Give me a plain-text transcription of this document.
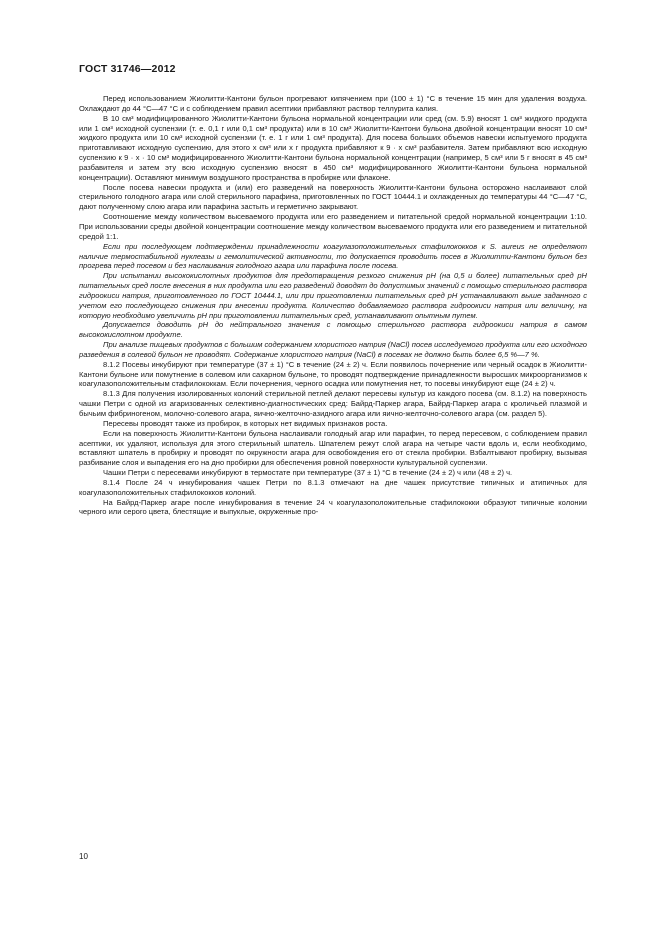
ГОСТ 31746—2012

Перед использованием Жиолитти-Кантони бульон прогревают кипячением при (100 ± 1) °С в течение 15 мин для удаления воздуха. Охлаждают до 44 °С—47 °С и с соблюдением правил асептики прибавляют раствор теллурита калия.

В 10 см³ модифицированного Жиолитти-Кантони бульона нормальной концентрации или сред (см. 5.9) вносят 1 см³ жидкого продукта или 1 см³ исходной суспензии (т. е. 0,1 г или 0,1 см³ продукта) или в 10 см³ Жиолитти-Кантони бульона двойной концентрации вносят 10 см³ жидкого продукта или 10 см³ исходной суспензии (т. е. 1 г или 1 см³ продукта). Для посева больших объемов навески испытуемого продукта приготавливают исходную суспензию, для этого x см³ или x г продукта прибавляют к 9 · x см³ разбавителя. Затем прибавляют всю исходную суспензию к 9 · x · 10 см³ модифицированного Жиолитти-Кантони бульона нормальной концентрации (например, 5 см³ или 5 г вносят в 45 см³ разбавителя и затем эту всю исходную суспензию вносят в 450 см³ модифицированного Жиолитти-Кантони бульона нормальной концентрации). Оставляют минимум воздушного пространства в пробирке или флаконе.

После посева навески продукта и (или) его разведений на поверхность Жиолитти-Кантони бульона осторожно наслаивают слой стерильного голодного агара или слой стерильного парафина, приготовленных по ГОСТ 10444.1 и охлажденных до температуры 44 °С—47 °С, дают полученному слою агара или парафина застыть и герметично закрывают.

Соотношение между количеством высеваемого продукта или его разведением и питательной средой нормальной концентрации 1:10. При использовании среды двойной концентрации соотношение между количеством высеваемого продукта или его разведением и питательной средой 1:1.

Если при последующем подтверждении принадлежности коагулазоположительных стафилококков к S. aureus не определяют наличие термостабильной нуклеазы и гемолитической активности, то допускается проводить посев в Жиолитти-Кантони бульон без прогрева перед посевом и без наслаивания голодного агара или парафина после посева.

При испытании высококислотных продуктов для предотвращения резкого снижения рН (на 0,5 и более) питательных сред рН питательных сред после внесения в них продукта или его разведений доводят до допустимых значений с помощью стерильного раствора гидроокиси натрия, приготовленного по ГОСТ 10444.1, или при приготовлении питательных сред рН устанавливают выше заданного с учетом его последующего снижения при внесении продукта. Количество добавляемого раствора гидроокиси натрия или величину, на которую необходимо увеличить рН при приготовлении питательных сред, устанавливают опытным путем.

Допускается доводить рН до нейтрального значения с помощью стерильного раствора гидроокиси натрия в самом высококислотном продукте.

При анализе пищевых продуктов с большим содержанием хлористого натрия (NaCl) посев исследуемого продукта или его исходного разведения в солевой бульон не проводят. Содержание хлористого натрия (NaCl) в посевах не должно быть более 6,5 %—7 %.

8.1.2 Посевы инкубируют при температуре (37 ± 1) °С в течение (24 ± 2) ч. Если появилось почернение или черный осадок в Жиолитти-Кантони бульоне или помутнение в солевом или сахарном бульоне, то проводят подтверждение принадлежности выросших микроорганизмов к коагулазоположительным стафилококкам. Если почернения, черного осадка или помутнения нет, то посевы инкубируют еще (24 ± 2) ч.

8.1.3 Для получения изолированных колоний стерильной петлей делают пересевы культур из каждого посева (см. 8.1.2) на поверхность чашки Петри с одной из агаризованных селективно-диагностических сред: Байрд-Паркер агара, Байрд-Паркер агара с кроличьей плазмой и бычьим фибриногеном, молочно-солевого агара, яичнo-желточно-азидного агара или яично-желточно-солевого агара (см. раздел 5).

Пересевы проводят также из пробирок, в которых нет видимых признаков роста.

Если на поверхность Жиолитти-Кантони бульона наслаивали голодный агар или парафин, то перед пересевом, с соблюдением правил асептики, их удаляют, используя для этого стерильный шпатель. Шпателем режут слой агара на четыре части вдоль и, если необходимо, вставляют шпатель в пробирку и проводят по окружности агара для освобождения его от стекла пробирки. Взбалтывают пробирку, вызывая разбивание слоя и выпадения его на дно пробирки для обеспечения ровной поверхности культуральной суспензии.

Чашки Петри с пересевами инкубируют в термостате при температуре (37 ± 1) °С в течение (24 ± 2) ч или (48 ± 2) ч.

8.1.4 После 24 ч инкубирования чашек Петри по 8.1.3 отмечают на дне чашек присутствие типичных и атипичных для коагулазоположительных стафилококков колоний.

На Байрд-Паркер агаре после инкубирования в течение 24 ч коагулазоположительные стафилококки образуют типичные колонии черного или серого цвета, блестящие и выпуклые, окруженные про-

10
